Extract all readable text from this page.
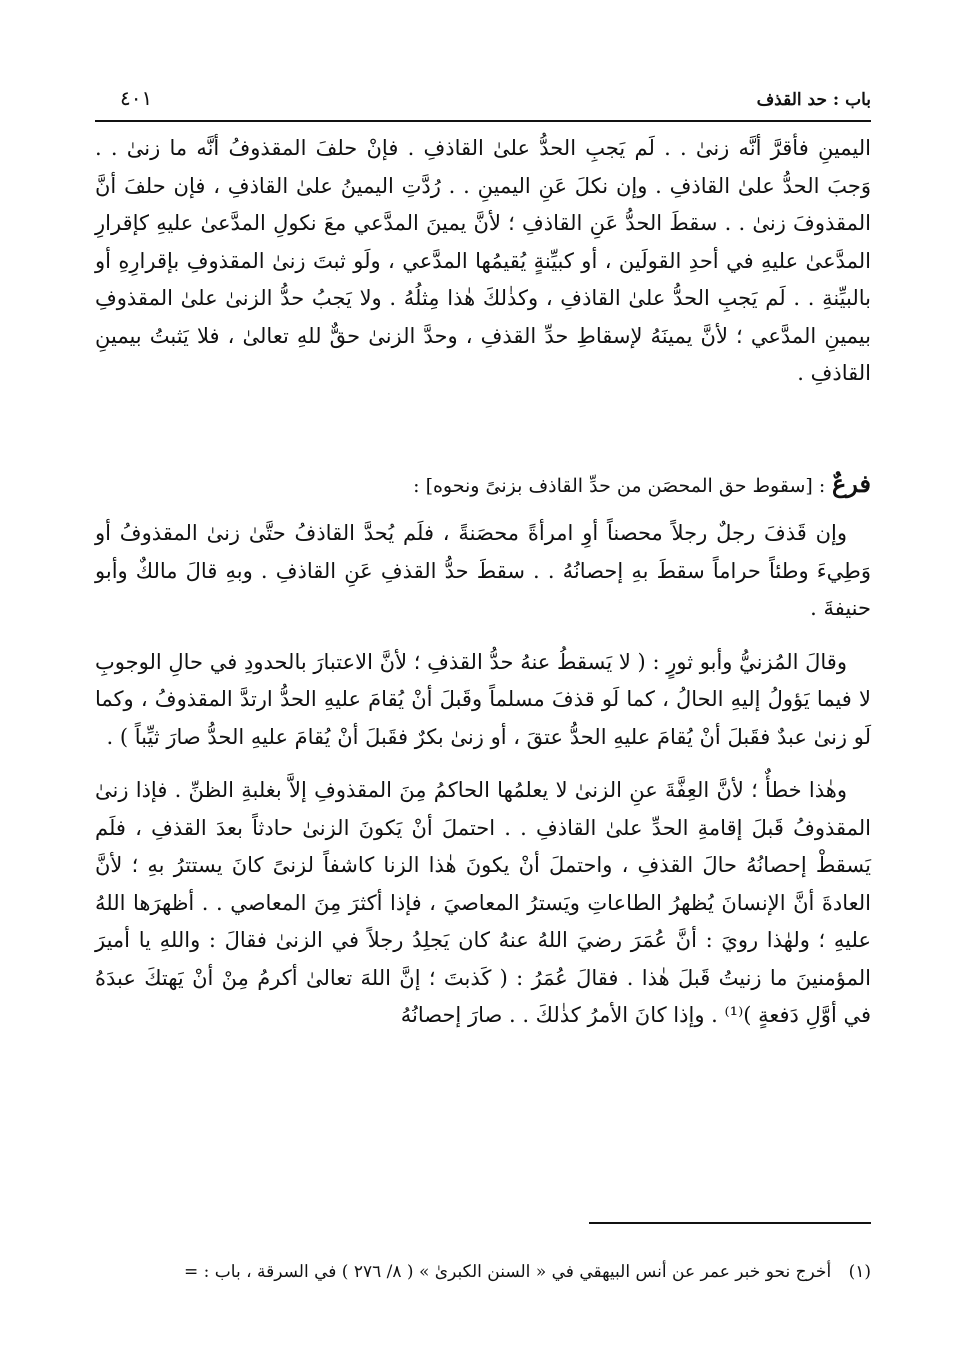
باب : حد القذف
٤٠١

اليمينِ فأقرَّ أنَّه زنىٰ . . لَم يَجبِ الحدُّ علىٰ القاذفِ . فإنْ حلفَ المقذوفُ أنَّه ما زنىٰ . . وَجبَ الحدُّ علىٰ القاذفِ . وإن نكلَ عَنِ اليمينِ . . رُدَّتِ اليمينُ علىٰ القاذفِ ، فإن حلفَ أنَّ المقذوفَ زنىٰ . . سقطَ الحدُّ عَنِ القاذفِ ؛ لأنَّ يمينَ المدَّعي معَ نكولِ المدَّعىٰ عليهِ كإقرارِ المدَّعىٰ عليهِ في أحدِ القولَين ، أو كبيِّنةٍ يُقيمُها المدَّعي ، ولَو ثبتَ زنىٰ المقذوفِ بإقرارِهِ أو بالبيِّنةِ . . لَم يَجبِ الحدُّ علىٰ القاذفِ ، وكذٰلكَ هٰذا مِثلُهُ . ولا يَجبُ حدُّ الزنىٰ علىٰ المقذوفِ بيمينِ المدَّعي ؛ لأنَّ يمينَهُ لإسقاطِ حدِّ القذفِ ، وحدَّ الزنىٰ حقٌّ للهِ تعالىٰ ، فلا يَثبتُ بيمينِ القاذفِ .

فرعٌ : [سقوط حق المحصَن من حدِّ القاذف بزنىً ونحوه] :

وإن قَذفَ رجلٌ رجلاً محصناً أوِ امرأةً محصَنةً ، فلَم يُحدَّ القاذفُ حتَّىٰ زنىٰ المقذوفُ أو وَطِيءَ وطئاً حراماً سقطَ بهِ إحصانُهُ . . سقطَ حدُّ القذفِ عَنِ القاذفِ . وبهِ قالَ مالكٌ وأبو حنيفةَ .

وقالَ المُزنيُّ وأبو ثورٍ : ( لا يَسقطُ عنهُ حدُّ القذفِ ؛ لأنَّ الاعتبارَ بالحدودِ في حالِ الوجوبِ لا فيما يَؤولُ إليهِ الحالُ ، كما لَو قذفَ مسلماً وقَبلَ أنْ يُقامَ عليهِ الحدُّ ارتدَّ المقذوفُ ، وكما لَو زنىٰ عبدٌ فقَبلَ أنْ يُقامَ عليهِ الحدُّ عتقَ ، أو زنىٰ بكرٌ فقَبلَ أنْ يُقامَ عليهِ الحدُّ صارَ ثيِّباً ) .

وهٰذا خطأٌ ؛ لأنَّ العِفَّةَ عنِ الزنىٰ لا يعلمُها الحاكمُ مِنَ المقذوفِ إلاَّ بغلبةِ الظنِّ . فإذا زنىٰ المقذوفُ قَبلَ إقامةِ الحدِّ علىٰ القاذفِ . . احتملَ أنْ يَكونَ الزنىٰ حادثاً بعدَ القذفِ ، فلَم يَسقطْ إحصانُهُ حالَ القذفِ ، واحتملَ أنْ يكونَ هٰذا الزنا كاشفاً لزنىً كانَ يستترُ بهِ ؛ لأنَّ العادةَ أنَّ الإنسانَ يُظهرُ الطاعاتِ ويَسترُ المعاصيَ ، فإذا أكثرَ مِنَ المعاصي . . أظهرَها اللهُ عليهِ ؛ ولهٰذا رويَ : أنَّ عُمَرَ رضيَ اللهُ عنهُ كان يَجلِدُ رجلاً في الزنىٰ فقالَ : واللهِ يا أميرَ المؤمنينَ ما زنيتُ قَبلَ هٰذا . فقالَ عُمَرُ : ( كَذبتَ ؛ إنَّ اللهَ تعالىٰ أكرمُ مِنْ أنْ يَهتكَ عبدَهُ في أوَّلِ دَفعةٍ )⁽¹⁾ . وإذا كانَ الأمرُ كذٰلكَ . . صارَ إحصانُهُ

(١) أخرج نحو خبر عمر عن أنس البيهقي في « السنن الكبرىٰ » ( ٨/ ٢٧٦ ) في السرقة ، باب : =
